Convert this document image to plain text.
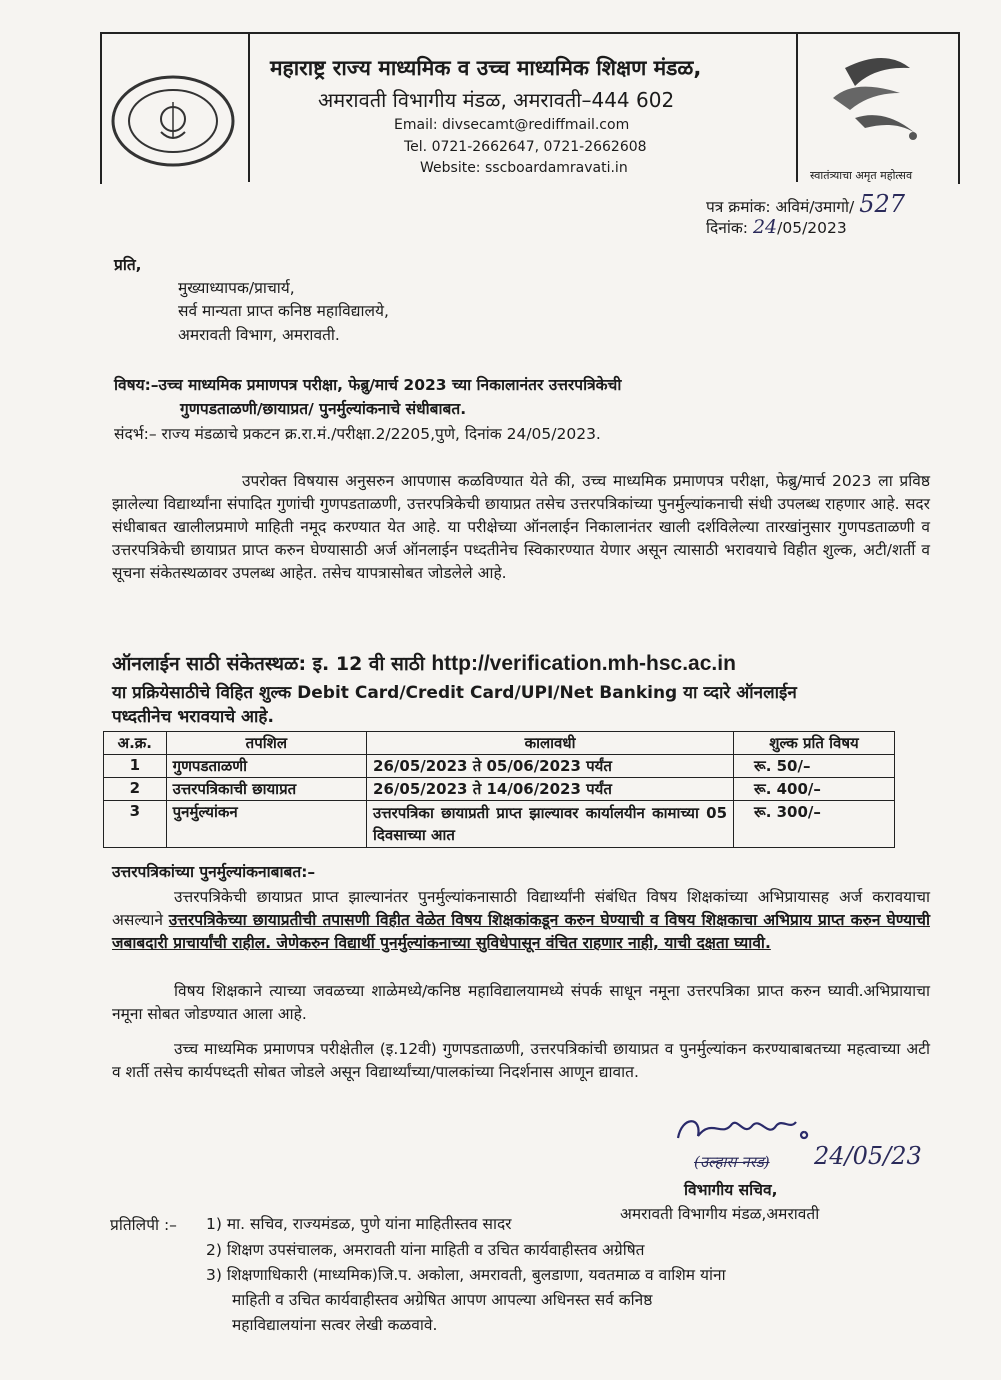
महाराष्ट्र राज्य माध्यमिक व उच्च माध्यमिक शिक्षण मंडळ,
अमरावती विभागीय मंडळ, अमरावती–444 602
Email: divsecamt@rediffmail.com
Tel. 0721-2662647, 0721-2662608
Website: sscboardamravati.in	स्वातंत्र्याचा अमृत महोत्सव
पत्र क्रमांक: अविमं/उमागो/ 527
दिनांक: 24/05/2023
प्रति,
मुख्याध्यापक/प्राचार्य,
सर्व मान्यता प्राप्त कनिष्ठ महाविद्यालये,
अमरावती विभाग, अमरावती.
विषय:–उच्च माध्यमिक प्रमाणपत्र परीक्षा, फेब्रु/मार्च 2023 च्या निकालानंतर उत्तरपत्रिकेची
गुणपडताळणी/छायाप्रत/ पुनर्मुल्यांकनाचे संधीबाबत.
संदर्भ:– राज्य मंडळाचे प्रकटन क्र.रा.मं./परीक्षा.2/2205,पुणे, दिनांक 24/05/2023.
उपरोक्त विषयास अनुसरुन आपणास कळविण्यात येते की, उच्च माध्यमिक प्रमाणपत्र परीक्षा, फेब्रु/मार्च 2023 ला प्रविष्ठ झालेल्या विद्यार्थ्यांना संपादित गुणांची गुणपडताळणी, उत्तरपत्रिकेची छायाप्रत तसेच उत्तरपत्रिकांच्या पुनर्मुल्यांकनाची संधी उपलब्ध राहणार आहे. सदर संधीबाबत खालीलप्रमाणे माहिती नमूद करण्यात येत आहे. या परीक्षेच्या ऑनलाईन निकालानंतर खाली दर्शविलेल्या तारखांनुसार गुणपडताळणी व उत्तरपत्रिकेची छायाप्रत प्राप्त करुन घेण्यासाठी अर्ज ऑनलाईन पध्दतीनेच स्विकारण्यात येणार असून त्यासाठी भरावयाचे विहीत शुल्क, अटी/शर्ती व सूचना संकेतस्थळावर उपलब्ध आहेत. तसेच यापत्रासोबत जोडलेले आहे.
ऑनलाईन साठी संकेतस्थळ: इ. 12 वी साठी http://verification.mh-hsc.ac.in
या प्रक्रियेसाठीचे विहित शुल्क Debit Card/Credit Card/UPI/Net Banking या व्दारे ऑनलाईन
पध्दतीनेच भरावयाचे आहे.
अ.क्र.	तपशिल	कालावधी	शुल्क प्रति विषय
1	गुणपडताळणी	26/05/2023 ते 05/06/2023 पर्यंत	रू. 50/–
2	उत्तरपत्रिकाची छायाप्रत	26/05/2023 ते 14/06/2023 पर्यंत	रू. 400/–
3	पुनर्मुल्यांकन	उत्तरपत्रिका छायाप्रती प्राप्त झाल्यावर कार्यालयीन कामाच्या 05 दिवसाच्या आत	रू. 300/–
उत्तरपत्रिकांच्या पुनर्मुल्यांकनाबाबत:–
उत्तरपत्रिकेची छायाप्रत प्राप्त झाल्यानंतर पुनर्मुल्यांकनासाठी विद्यार्थ्यांनी संबंधित विषय शिक्षकांच्या अभिप्रायासह अर्ज करावयाचा असल्याने उत्तरपत्रिकेच्या छायाप्रतीची तपासणी विहीत वेळेत विषय शिक्षकांकडून करुन घेण्याची व विषय शिक्षकाचा अभिप्राय प्राप्त करुन घेण्याची जबाबदारी प्राचार्यांची राहील. जेणेकरुन विद्यार्थी पुनर्मुल्यांकनाच्या सुविधेपासून वंचित राहणार नाही, याची दक्षता घ्यावी.
विषय शिक्षकाने त्याच्या जवळच्या शाळेमध्ये/कनिष्ठ महाविद्यालयामध्ये संपर्क साधून नमूना उत्तरपत्रिका प्राप्त करुन घ्यावी.अभिप्रायाचा नमूना सोबत जोडण्यात आला आहे.
उच्च माध्यमिक प्रमाणपत्र परीक्षेतील (इ.12वी) गुणपडताळणी, उत्तरपत्रिकांची छायाप्रत व पुनर्मुल्यांकन करण्याबाबतच्या महत्वाच्या अटी व शर्ती तसेच कार्यपध्दती सोबत जोडले असून विद्यार्थ्यांच्या/पालकांच्या निदर्शनास आणून द्यावात.
(उल्हास नरड) 24/05/23
विभागीय सचिव,
अमरावती विभागीय मंडळ,अमरावती
प्रतिलिपी :– 1) मा. सचिव, राज्यमंडळ, पुणे यांना माहितीस्तव सादर
2) शिक्षण उपसंचालक, अमरावती यांना माहिती व उचित कार्यवाहीस्तव अग्रेषित
3) शिक्षणाधिकारी (माध्यमिक)जि.प. अकोला, अमरावती, बुलडाणा, यवतमाळ व वाशिम यांना
माहिती व उचित कार्यवाहीस्तव अग्रेषित आपण आपल्या अधिनस्त सर्व कनिष्ठ
महाविद्यालयांना सत्वर लेखी कळवावे.
